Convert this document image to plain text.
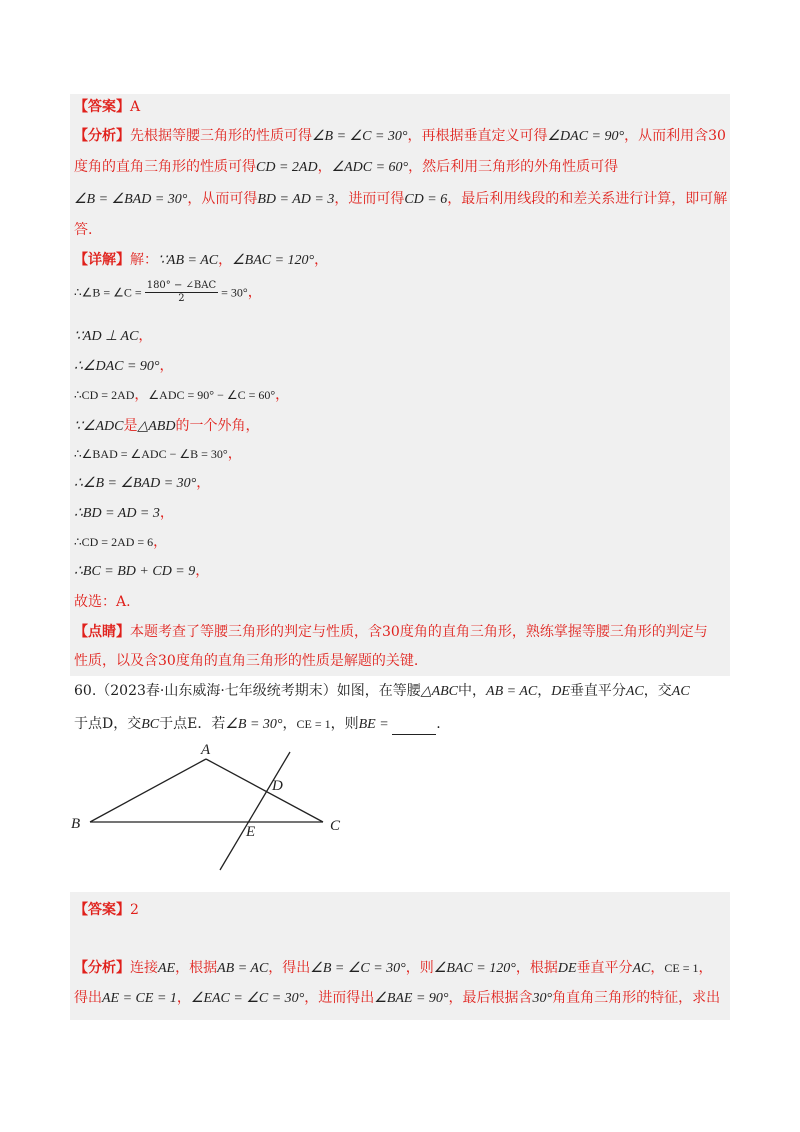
【答案】A
【分析】先根据等腰三角形的性质可得∠B = ∠C = 30°，再根据垂直定义可得∠DAC = 90°，从而利用含30
度角的直角三角形的性质可得CD = 2AD，∠ADC = 60°，然后利用三角形的外角性质可得
∠B = ∠BAD = 30°，从而可得BD = AD = 3，进而可得CD = 6，最后利用线段的和差关系进行计算，即可解
答.
【详解】解：∵AB = AC，∠BAC = 120°，
∴∠B = ∠C = $\frac{\text{180° − ∠BAC}}{2} = 30^\circ$，
∵AD ⊥ AC，
∴∠DAC = 90°，
∴CD = 2AD，∠ADC = 90° − ∠C = 60°，
∵∠ADC是△ABD的一个外角，
∴∠BAD = ∠ADC − ∠B = 30°，
∴∠B = ∠BAD = 30°，
∴BD = AD = 3，
∴CD = 2AD = 6，
∴BC = BD + CD = 9，
故选：A.
【点睛】本题考查了等腰三角形的判定与性质，含30度角的直角三角形，熟练掌握等腰三角形的判定与
性质，以及含30度角的直角三角形的性质是解题的关键.
60.（2023春·山东威海·七年级统考期末）如图，在等腰△ABC中，AB = AC，DE垂直平分AC，交AC
于点D，交BC于点E．若∠B = 30°，CE = 1，则BE =	.
A
B	C
D
E
【答案】2
【分析】连接AE，根据AB = AC，得出∠B = ∠C = 30°，则∠BAC = 120°，根据DE垂直平分AC，CE = 1，
得出AE = CE = 1，∠EAC = ∠C = 30°，进而得出∠BAE = 90°，最后根据含30°角直角三角形的特征，求出
